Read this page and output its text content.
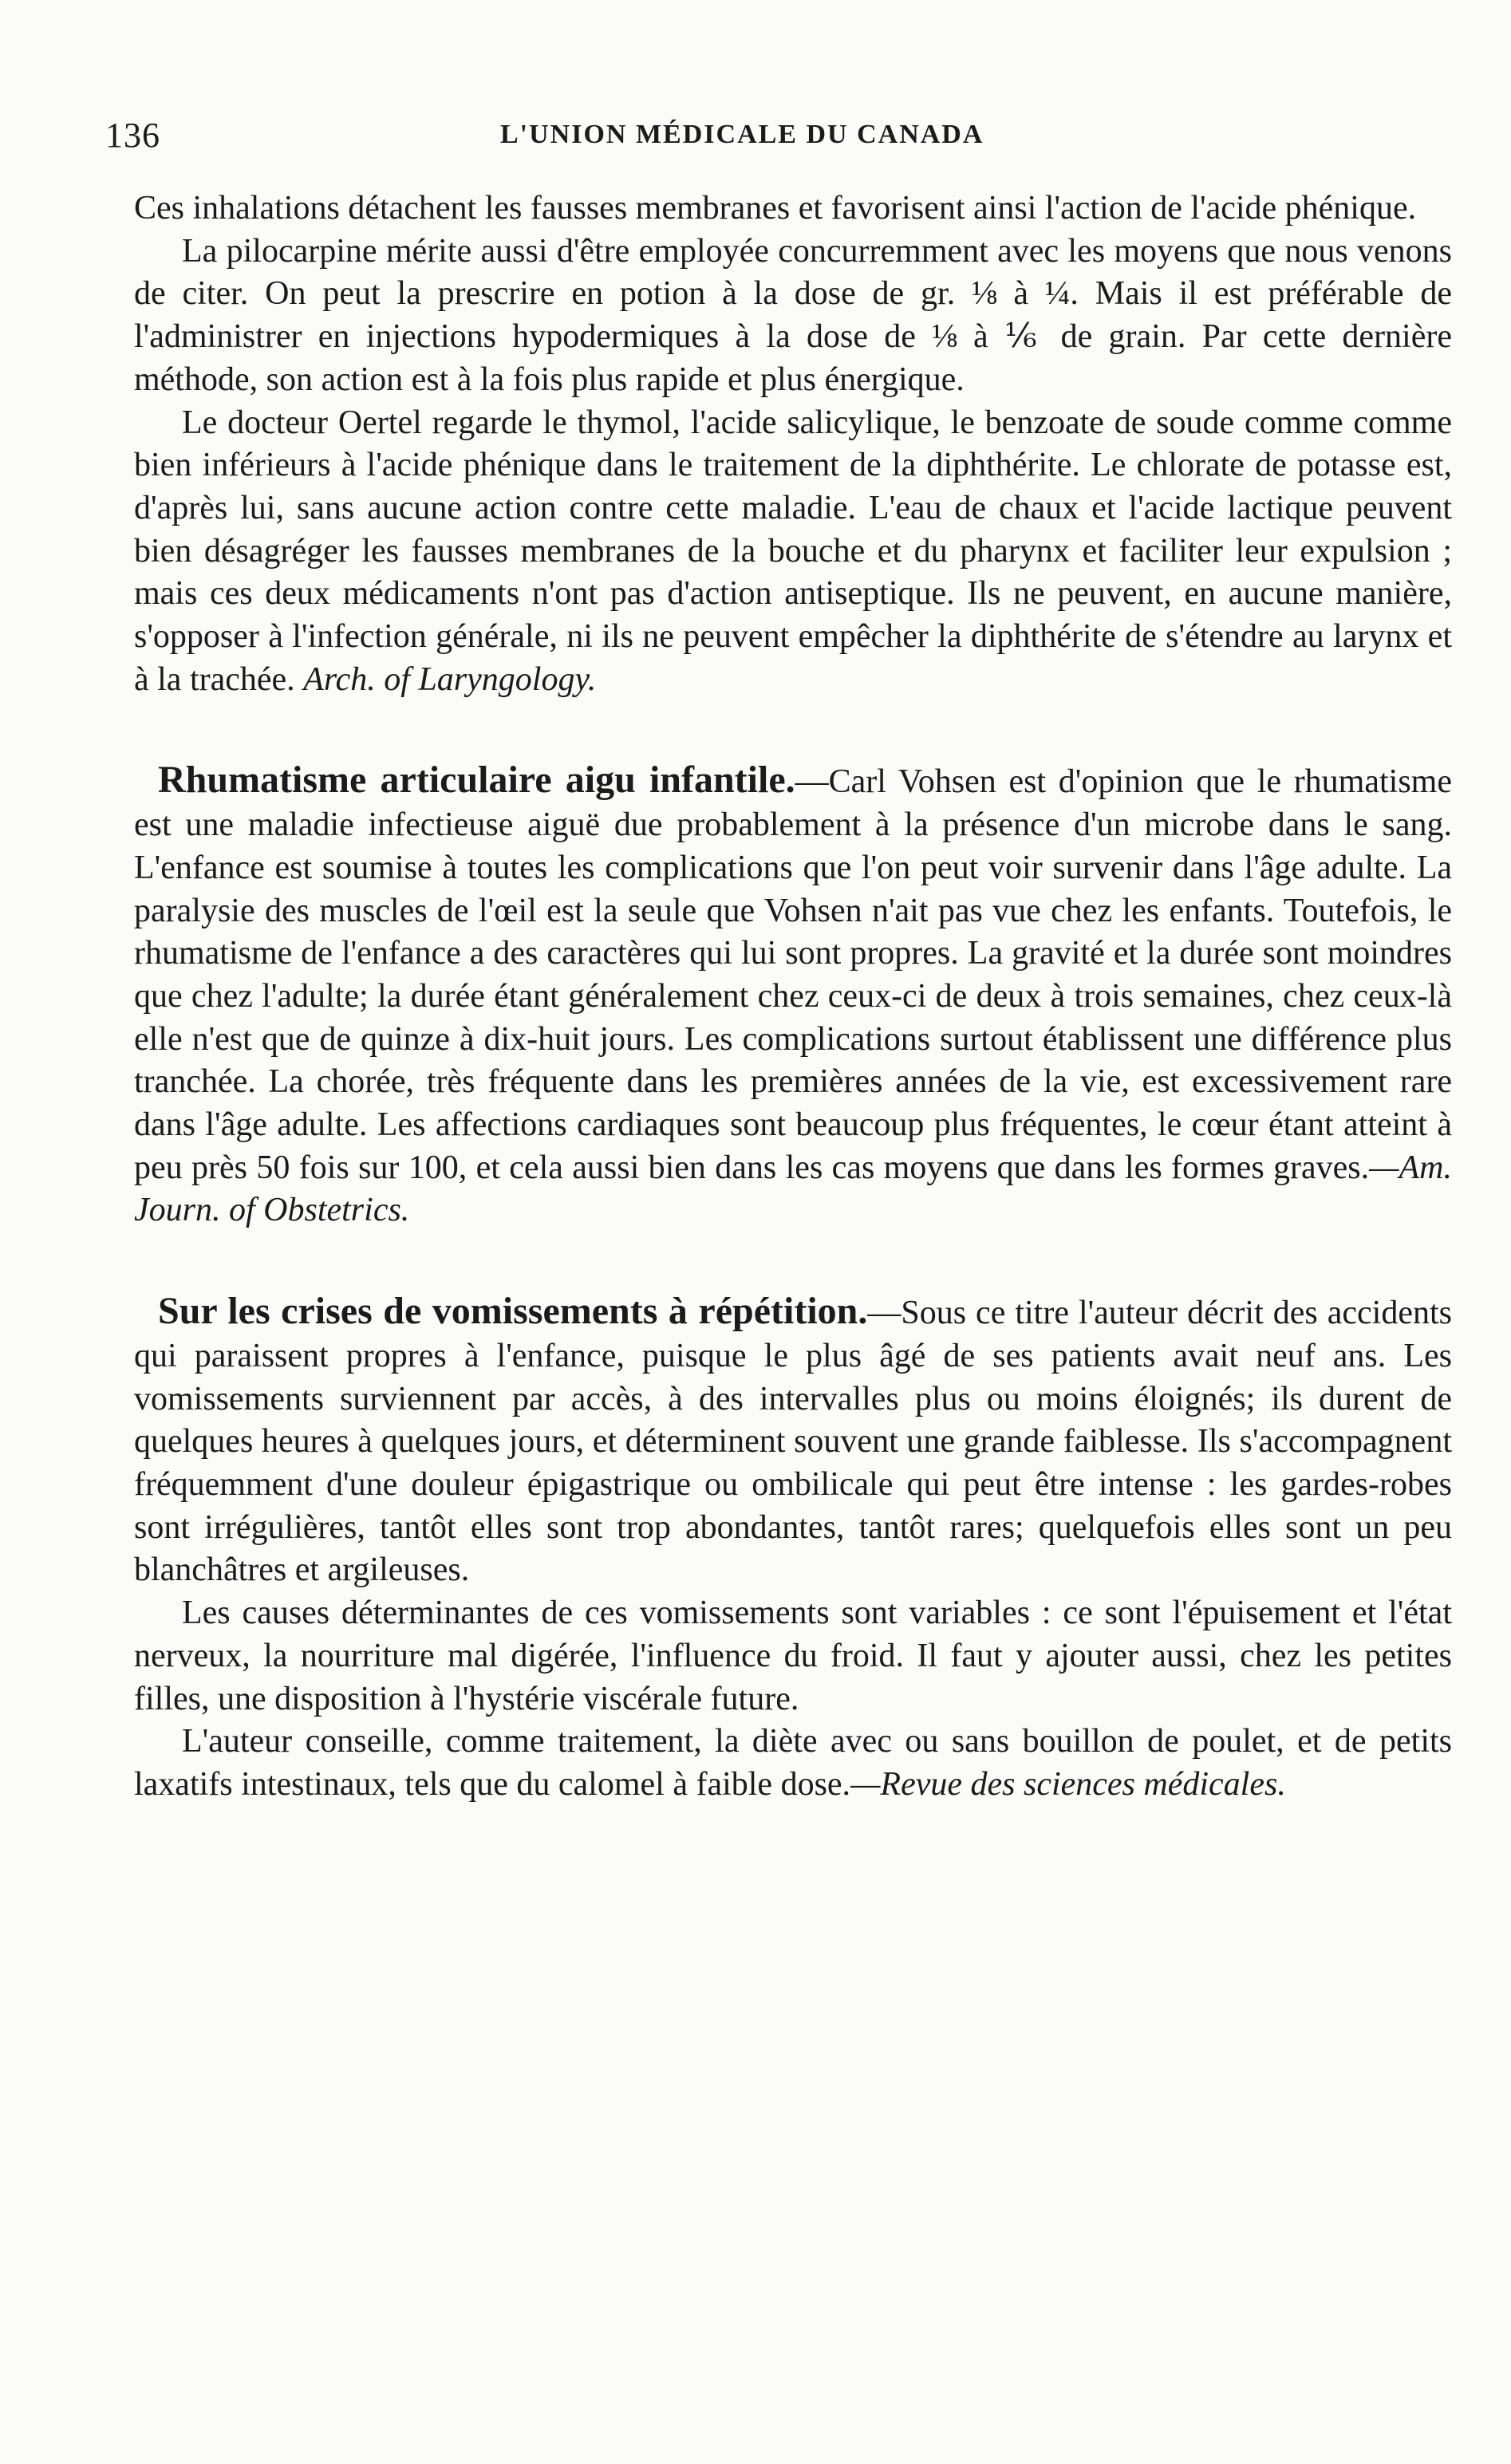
136	L'UNION MÉDICALE DU CANADA

Ces inhalations détachent les fausses membranes et favorisent ainsi l'action de l'acide phénique.

La pilocarpine mérite aussi d'être employée concurremment avec les moyens que nous venons de citer. On peut la prescrire en potion à la dose de gr. ⅛ à ¼. Mais il est préférable de l'administrer en injections hypodermiques à la dose de ⅛ à ⅙ de grain. Par cette dernière méthode, son action est à la fois plus rapide et plus énergique.

Le docteur Oertel regarde le thymol, l'acide salicylique, le benzoate de soude comme comme bien inférieurs à l'acide phénique dans le traitement de la diphthérite. Le chlorate de potasse est, d'après lui, sans aucune action contre cette maladie. L'eau de chaux et l'acide lactique peuvent bien désagréger les fausses membranes de la bouche et du pharynx et faciliter leur expulsion ; mais ces deux médicaments n'ont pas d'action antiseptique. Ils ne peuvent, en aucune manière, s'opposer à l'infection générale, ni ils ne peuvent empêcher la diphthérite de s'étendre au larynx et à la trachée. Arch. of Laryngology.

Rhumatisme articulaire aigu infantile.—Carl Vohsen est d'opinion que le rhumatisme est une maladie infectieuse aiguë due probablement à la présence d'un microbe dans le sang. L'enfance est soumise à toutes les complications que l'on peut voir survenir dans l'âge adulte. La paralysie des muscles de l'œil est la seule que Vohsen n'ait pas vue chez les enfants. Toutefois, le rhumatisme de l'enfance a des caractères qui lui sont propres. La gravité et la durée sont moindres que chez l'adulte; la durée étant généralement chez ceux-ci de deux à trois semaines, chez ceux-là elle n'est que de quinze à dix-huit jours. Les complications surtout établissent une différence plus tranchée. La chorée, très fréquente dans les premières années de la vie, est excessivement rare dans l'âge adulte. Les affections cardiaques sont beaucoup plus fréquentes, le cœur étant atteint à peu près 50 fois sur 100, et cela aussi bien dans les cas moyens que dans les formes graves.—Am. Journ. of Obstetrics.

Sur les crises de vomissements à répétition.—Sous ce titre l'auteur décrit des accidents qui paraissent propres à l'enfance, puisque le plus âgé de ses patients avait neuf ans. Les vomissements surviennent par accès, à des intervalles plus ou moins éloignés; ils durent de quelques heures à quelques jours, et déterminent souvent une grande faiblesse. Ils s'accompagnent fréquemment d'une douleur épigastrique ou ombilicale qui peut être intense : les gardes-robes sont irrégulières, tantôt elles sont trop abondantes, tantôt rares; quelquefois elles sont un peu blanchâtres et argileuses.

Les causes déterminantes de ces vomissements sont variables : ce sont l'épuisement et l'état nerveux, la nourriture mal digérée, l'influence du froid. Il faut y ajouter aussi, chez les petites filles, une disposition à l'hystérie viscérale future.

L'auteur conseille, comme traitement, la diète avec ou sans bouillon de poulet, et de petits laxatifs intestinaux, tels que du calomel à faible dose.—Revue des sciences médicales.
